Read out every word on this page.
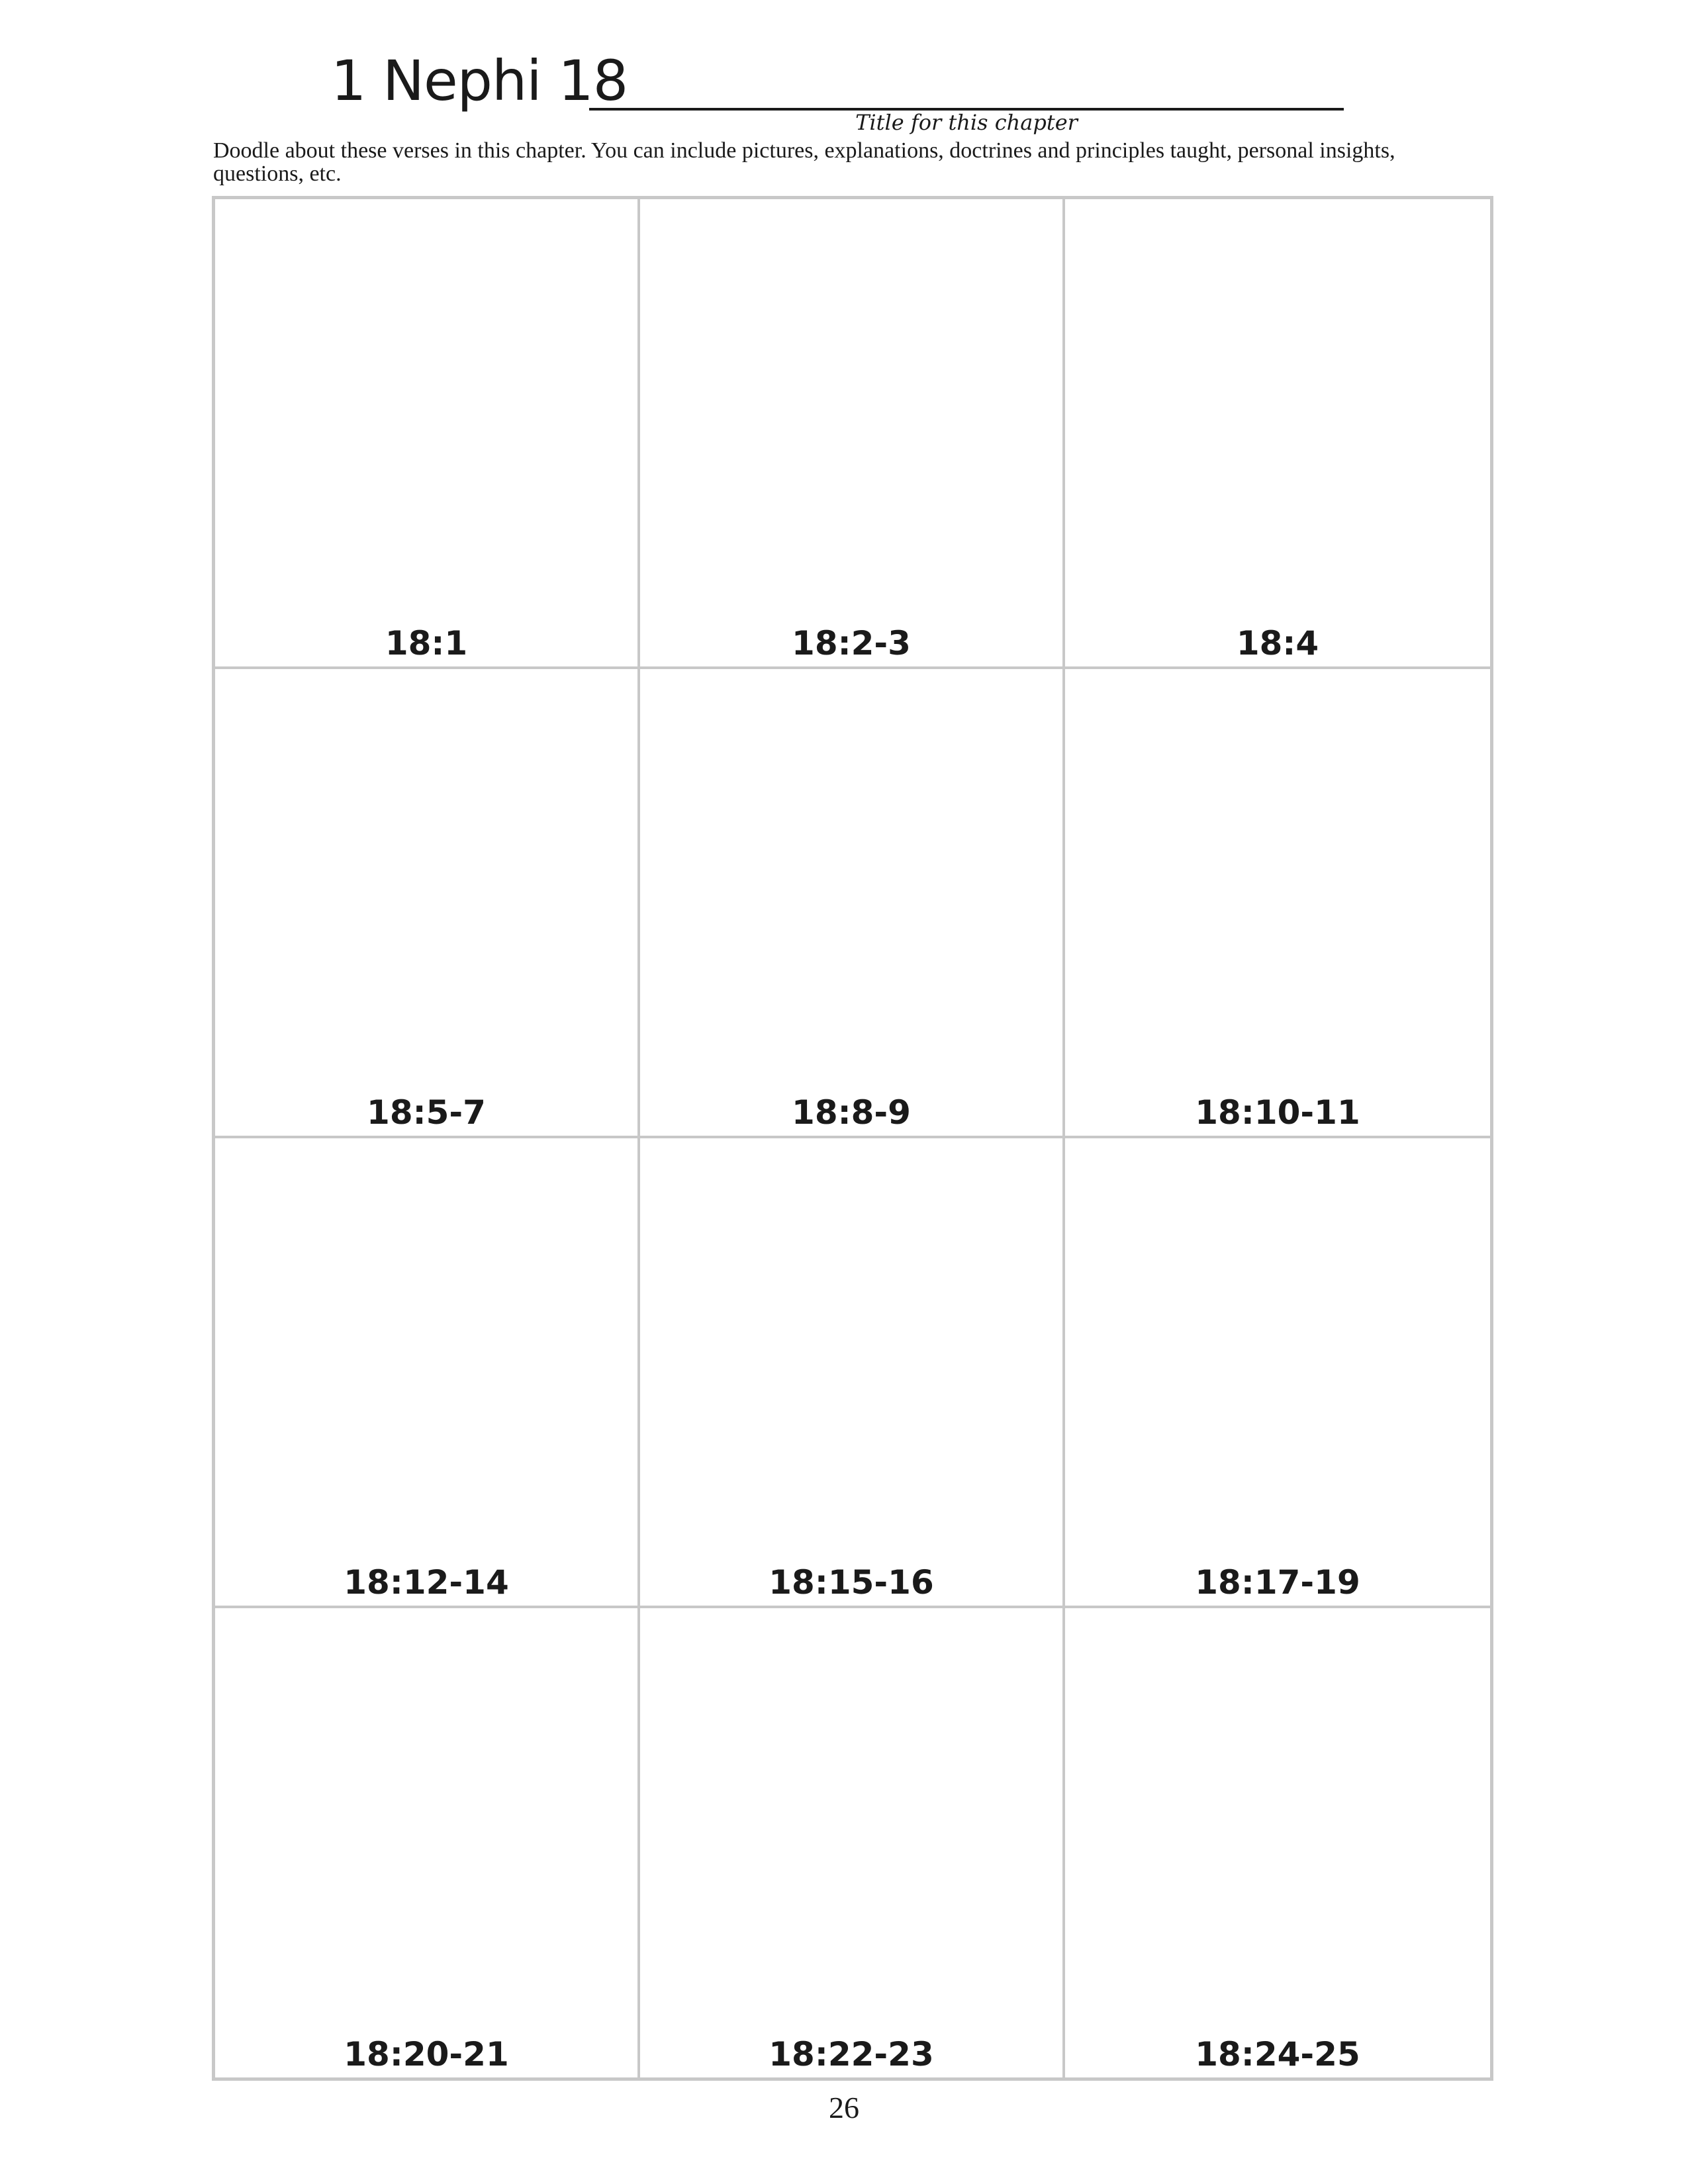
1 Nephi 18
Title for this chapter
Doodle about these verses in this chapter. You can include pictures, explanations, doctrines and principles taught, personal insights, questions, etc.
18:1	18:2-3	18:4
18:5-7	18:8-9	18:10-11
18:12-14	18:15-16	18:17-19
18:20-21	18:22-23	18:24-25
26
